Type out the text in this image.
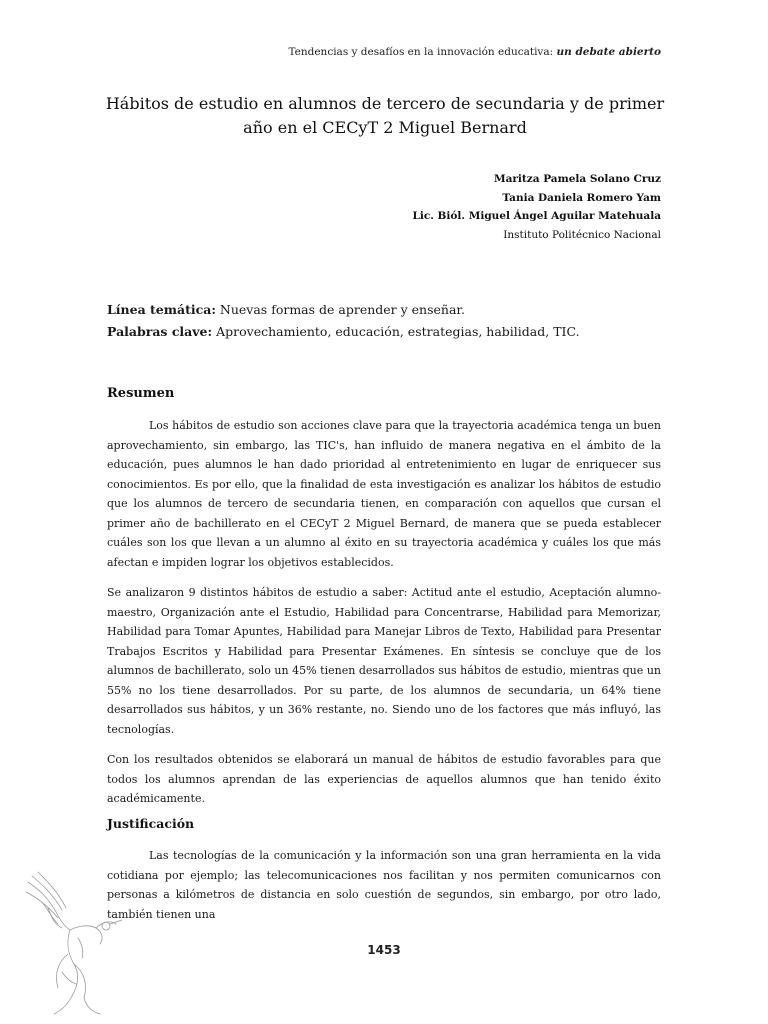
Tendencias y desafíos en la innovación educativa: un debate abierto
Hábitos de estudio en alumnos de tercero de secundaria y de primer año en el CECyT 2 Miguel Bernard
Maritza Pamela Solano Cruz
Tania Daniela Romero Yam
Lic. Biól. Miguel Ángel Aguilar Matehuala
Instituto Politécnico Nacional
Línea temática: Nuevas formas de aprender y enseñar.
Palabras clave: Aprovechamiento, educación, estrategias, habilidad, TIC.
Resumen

Los hábitos de estudio son acciones clave para que la trayectoria académica tenga un buen aprovechamiento, sin embargo, las TIC's, han influido de manera negativa en el ámbito de la educación, pues alumnos le han dado prioridad al entretenimiento en lugar de enriquecer sus conocimientos. Es por ello, que la finalidad de esta investigación es analizar los hábitos de estudio que los alumnos de tercero de secundaria tienen, en comparación con aquellos que cursan el primer año de bachillerato en el CECyT 2 Miguel Bernard, de manera que se pueda establecer cuáles son los que llevan a un alumno al éxito en su trayectoria académica y cuáles los que más afectan e impiden lograr los objetivos establecidos.

Se analizaron 9 distintos hábitos de estudio a saber: Actitud ante el estudio, Aceptación alumno-maestro, Organización ante el Estudio, Habilidad para Concentrarse, Habilidad para Memorizar, Habilidad para Tomar Apuntes, Habilidad para Manejar Libros de Texto, Habilidad para Presentar Trabajos Escritos y Habilidad para Presentar Exámenes. En síntesis se concluye que de los alumnos de bachillerato, solo un 45% tienen desarrollados sus hábitos de estudio, mientras que un 55% no los tiene desarrollados. Por su parte, de los alumnos de secundaria, un 64% tiene desarrollados sus hábitos, y un 36% restante, no. Siendo uno de los factores que más influyó, las tecnologías.

Con los resultados obtenidos se elaborará un manual de hábitos de estudio favorables para que todos los alumnos aprendan de las experiencias de aquellos alumnos que han tenido éxito académicamente.

Justificación

Las tecnologías de la comunicación y la información son una gran herramienta en la vida cotidiana por ejemplo; las telecomunicaciones nos facilitan y nos permiten comunicarnos con personas a kilómetros de distancia en solo cuestión de segundos, sin embargo, por otro lado, también tienen una

1453
